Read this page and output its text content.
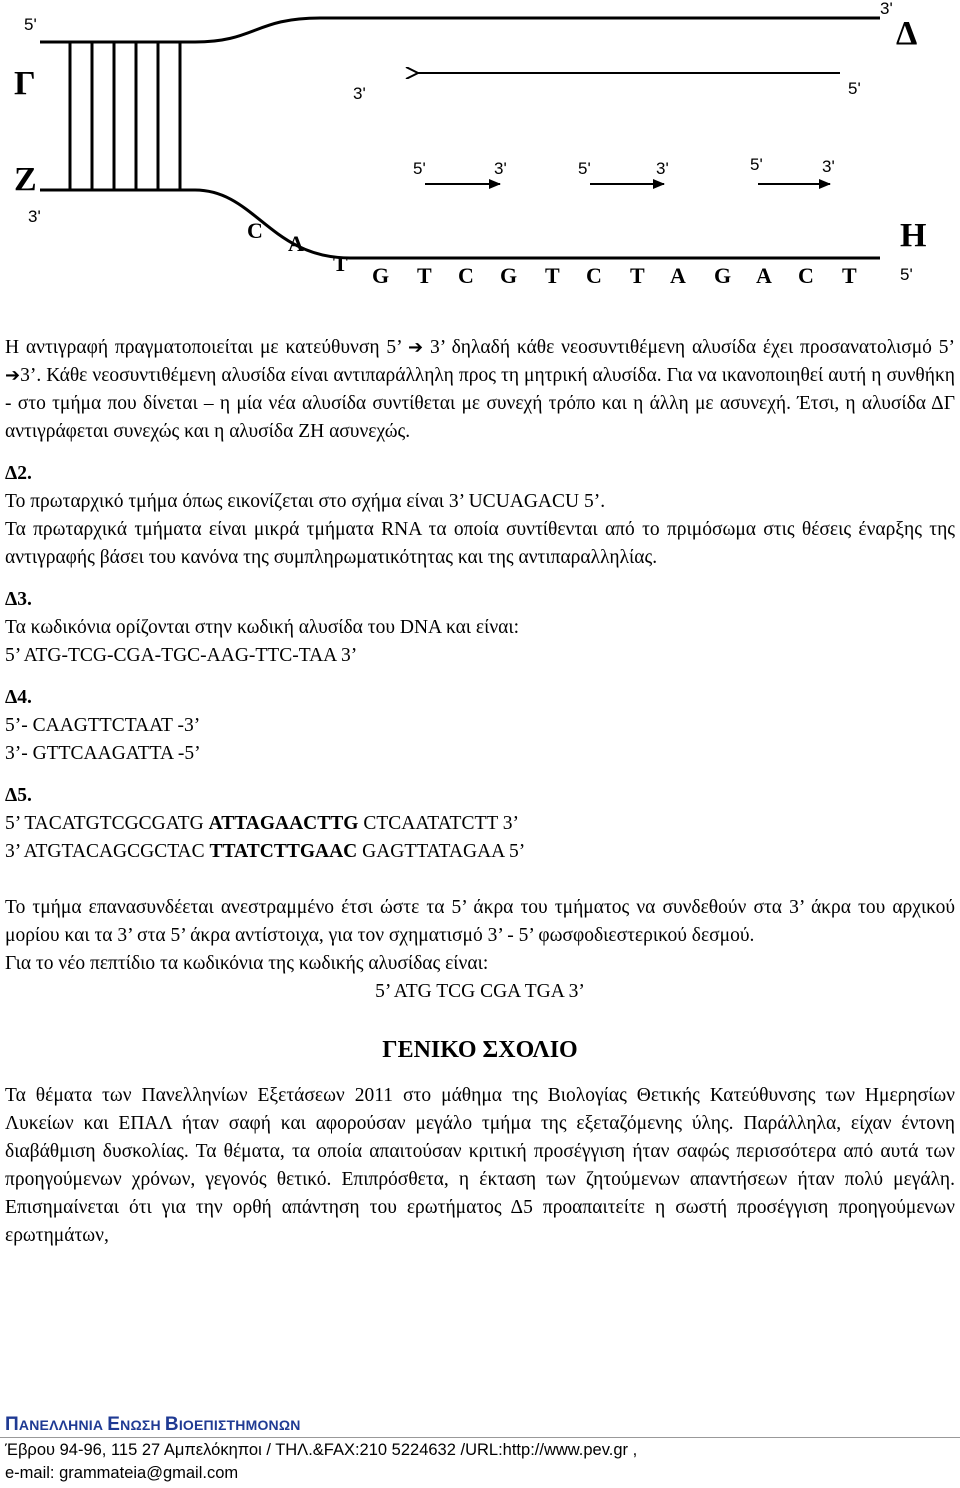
5'
3'
3'
5'
3'	5'
5'	3'	5'	3'	5'	3'
Γ
Ζ
Δ
Η
C
A
T G T C G T C T A G A C T

Η αντιγραφή πραγματοποιείται με κατεύθυνση 5’ ➔ 3’ δηλαδή κάθε νεοσυντιθέμενη αλυσίδα έχει προσανατολισμό 5’ ➔3’. Κάθε νεοσυντιθέμενη αλυσίδα είναι αντιπαράλληλη προς τη μητρική αλυσίδα. Για να ικανοποιηθεί αυτή η συνθήκη - στο τμήμα που δίνεται – η μία νέα αλυσίδα συντίθεται με συνεχή τρόπο και η άλλη με ασυνεχή. Έτσι, η αλυσίδα ΔΓ αντιγράφεται συνεχώς και η αλυσίδα ΖΗ ασυνεχώς.

Δ2.

Το πρωταρχικό τμήμα όπως εικονίζεται στο σχήμα είναι 3’ UCUAGACU 5’.

Τα πρωταρχικά τμήματα είναι μικρά τμήματα RNA τα οποία συντίθενται από το πριμόσωμα στις θέσεις έναρξης της αντιγραφής βάσει του κανόνα της συμπληρωματικότητας και της αντιπαραλληλίας.

Δ3.

Τα κωδικόνια ορίζονται στην κωδική αλυσίδα του DNA και είναι:

5’ ATG-TCG-CGA-TGC-AAG-TTC-TAA 3’

Δ4.

5’- CAAGTTCTAAT -3’

3’- GTTCAAGATTA -5’

Δ5.

5’ TACATGTCGCGATG ATTAGAACTTG CTCAATATCTT 3’

3’ ATGTACAGCGCTAC TTATCTTGAAC GAGTTATAGAA 5’

Το τμήμα επανασυνδέεται ανεστραμμένο έτσι ώστε τα 5’ άκρα του τμήματος να συνδεθούν στα 3’ άκρα του αρχικού μορίου και τα 3’ στα 5’ άκρα αντίστοιχα, για τον σχηματισμό 3’ - 5’ φωσφοδιεστερικού δεσμού.

Για το νέο πεπτίδιο τα κωδικόνια της κωδικής αλυσίδας είναι:

5’ ATG TCG CGA TGA 3’

ΓΕΝΙΚΟ ΣΧΟΛΙΟ

Τα θέματα των Πανελληνίων Εξετάσεων 2011 στο μάθημα της Βιολογίας Θετικής Κατεύθυνσης των Ημερησίων Λυκείων και ΕΠΑΛ ήταν σαφή και αφορούσαν μεγάλο τμήμα της εξεταζόμενης ύλης. Παράλληλα, είχαν έντονη διαβάθμιση δυσκολίας. Τα θέματα, τα οποία απαιτούσαν κριτική προσέγγιση ήταν σαφώς περισσότερα από αυτά των προηγούμενων χρόνων, γεγονός θετικό. Επιπρόσθετα, η έκταση των ζητούμενων απαντήσεων ήταν πολύ μεγάλη. Επισημαίνεται ότι για την ορθή απάντηση του ερωτήματος Δ5 προαπαιτείτε η σωστή προσέγγιση προηγούμενων ερωτημάτων,

ΠΑΝΕΛΛΗΝΙΑ ΕΝΩΣΗ ΒΙΟΕΠΙΣΤΗΜΟΝΩΝ
Έβρου 94-96, 115 27 Αμπελόκηποι / ΤΗΛ.&FAX:210 5224632 /URL:http://www.pev.gr ,
e-mail: grammateia@gmail.com
